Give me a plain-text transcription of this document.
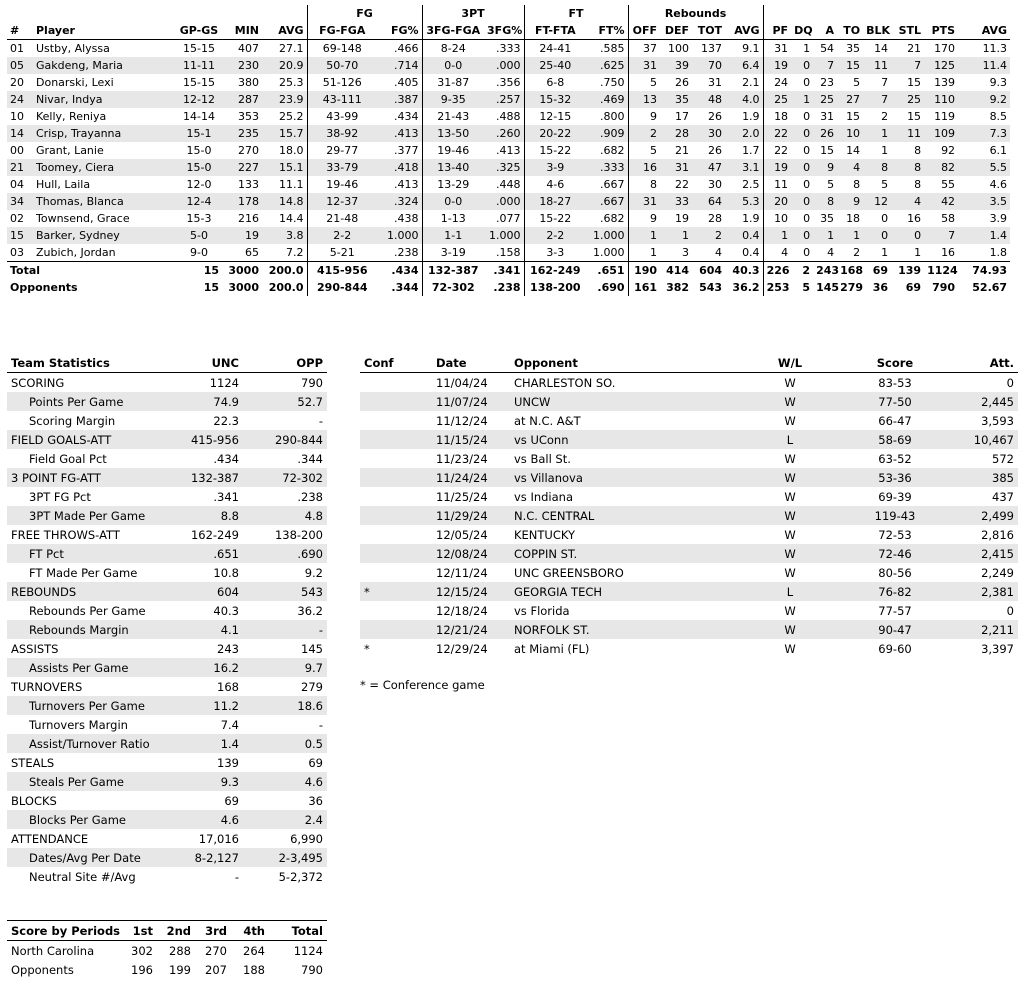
					FG		3PT		FT		Rebounds											
#	Player	GP-GS	MIN	AVG	FG-FGA	FG%	3FG-FGA	3FG%	FT-FTA	FT%	OFF	DEF	TOT	AVG	PF	DQ	A	TO	BLK	STL	PTS	AVG
01	Ustby, Alyssa	15-15	407	27.1	69-148	.466	8-24	.333	24-41	.585	37	100	137	9.1	31	1	54	35	14	21	170	11.3
05	Gakdeng, Maria	11-11	230	20.9	50-70	.714	0-0	.000	25-40	.625	31	39	70	6.4	19	0	7	15	11	7	125	11.4
20	Donarski, Lexi	15-15	380	25.3	51-126	.405	31-87	.356	6-8	.750	5	26	31	2.1	24	0	23	5	7	15	139	9.3
24	Nivar, Indya	12-12	287	23.9	43-111	.387	9-35	.257	15-32	.469	13	35	48	4.0	25	1	25	27	7	25	110	9.2
10	Kelly, Reniya	14-14	353	25.2	43-99	.434	21-43	.488	12-15	.800	9	17	26	1.9	18	0	31	15	2	15	119	8.5
14	Crisp, Trayanna	15-1	235	15.7	38-92	.413	13-50	.260	20-22	.909	2	28	30	2.0	22	0	26	10	1	11	109	7.3
00	Grant, Lanie	15-0	270	18.0	29-77	.377	19-46	.413	15-22	.682	5	21	26	1.7	22	0	15	14	1	8	92	6.1
21	Toomey, Ciera	15-0	227	15.1	33-79	.418	13-40	.325	3-9	.333	16	31	47	3.1	19	0	9	4	8	8	82	5.5
04	Hull, Laila	12-0	133	11.1	19-46	.413	13-29	.448	4-6	.667	8	22	30	2.5	11	0	5	8	5	8	55	4.6
34	Thomas, Blanca	12-4	178	14.8	12-37	.324	0-0	.000	18-27	.667	31	33	64	5.3	20	0	8	9	12	4	42	3.5
02	Townsend, Grace	15-3	216	14.4	21-48	.438	1-13	.077	15-22	.682	9	19	28	1.9	10	0	35	18	0	16	58	3.9
15	Barker, Sydney	5-0	19	3.8	2-2	1.000	1-1	1.000	2-2	1.000	1	1	2	0.4	1	0	1	1	0	0	7	1.4
03	Zubich, Jordan	9-0	65	7.2	5-21	.238	3-19	.158	3-3	1.000	1	3	4	0.4	4	0	4	2	1	1	16	1.8
Total		15	3000	200.0	415-956	.434	132-387	.341	162-249	.651	190	414	604	40.3	226	2	243	168	69	139	1124	74.93
Opponents		15	3000	200.0	290-844	.344	72-302	.238	138-200	.690	161	382	543	36.2	253	5	145	279	36	69	790	52.67
Team Statistics	UNC	OPP
SCORING	1124	790
Points Per Game	74.9	52.7
Scoring Margin	22.3	-
FIELD GOALS-ATT	415-956	290-844
Field Goal Pct	.434	.344
3 POINT FG-ATT	132-387	72-302
3PT FG Pct	.341	.238
3PT Made Per Game	8.8	4.8
FREE THROWS-ATT	162-249	138-200
FT Pct	.651	.690
FT Made Per Game	10.8	9.2
REBOUNDS	604	543
Rebounds Per Game	40.3	36.2
Rebounds Margin	4.1	-
ASSISTS	243	145
Assists Per Game	16.2	9.7
TURNOVERS	168	279
Turnovers Per Game	11.2	18.6
Turnovers Margin	7.4	-
Assist/Turnover Ratio	1.4	0.5
STEALS	139	69
Steals Per Game	9.3	4.6
BLOCKS	69	36
Blocks Per Game	4.6	2.4
ATTENDANCE	17,016	6,990
Dates/Avg Per Date	8-2,127	2-3,495
Neutral Site #/Avg	-	5-2,372
Score by Periods	1st	2nd	3rd	4th	Total
North Carolina	302	288	270	264	1124
Opponents	196	199	207	188	790
Conf	Date	Opponent	W/L	Score	Att.
	11/04/24	CHARLESTON SO.	W	83-53	0
	11/07/24	UNCW	W	77-50	2,445
	11/12/24	at N.C. A&T	W	66-47	3,593
	11/15/24	vs UConn	L	58-69	10,467
	11/23/24	vs Ball St.	W	63-52	572
	11/24/24	vs Villanova	W	53-36	385
	11/25/24	vs Indiana	W	69-39	437
	11/29/24	N.C. CENTRAL	W	119-43	2,499
	12/05/24	KENTUCKY	W	72-53	2,816
	12/08/24	COPPIN ST.	W	72-46	2,415
	12/11/24	UNC GREENSBORO	W	80-56	2,249
*	12/15/24	GEORGIA TECH	L	76-82	2,381
	12/18/24	vs Florida	W	77-57	0
	12/21/24	NORFOLK ST.	W	90-47	2,211
*	12/29/24	at Miami (FL)	W	69-60	3,397
* = Conference game
